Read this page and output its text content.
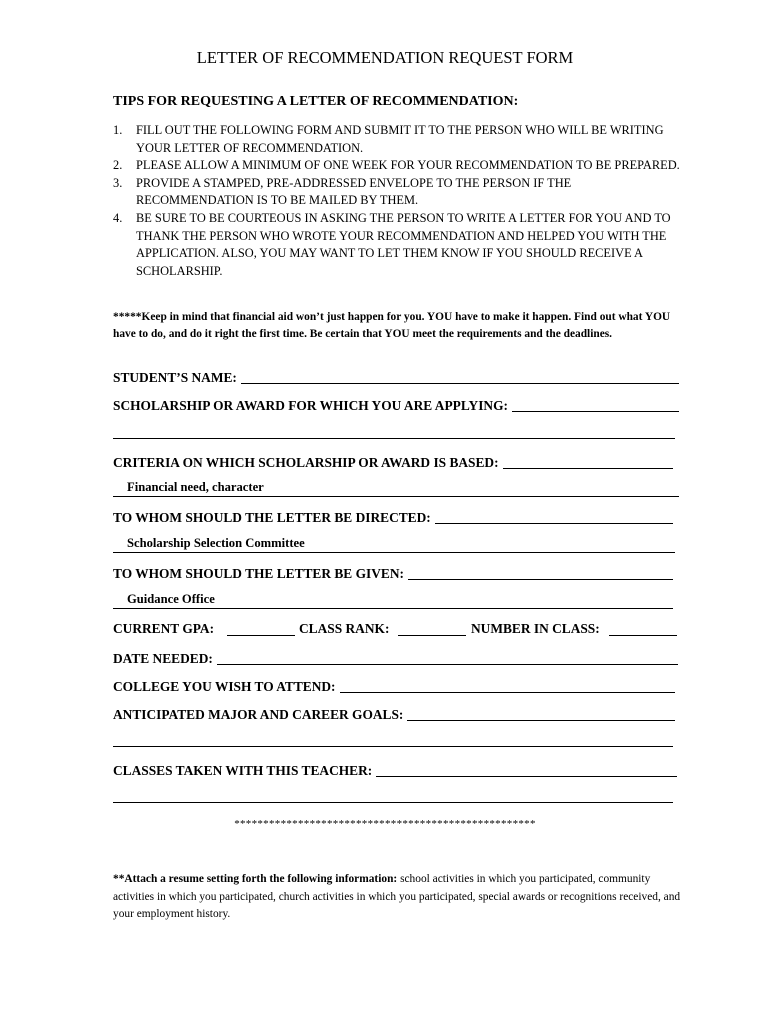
LETTER OF RECOMMENDATION REQUEST FORM
TIPS FOR REQUESTING A LETTER OF RECOMMENDATION:
1. FILL OUT THE FOLLOWING FORM AND SUBMIT IT TO THE PERSON WHO WILL BE WRITING YOUR LETTER OF RECOMMENDATION.
2. PLEASE ALLOW A MINIMUM OF ONE WEEK FOR YOUR RECOMMENDATION TO BE PREPARED.
3. PROVIDE A STAMPED, PRE-ADDRESSED ENVELOPE TO THE PERSON IF THE RECOMMENDATION IS TO BE MAILED BY THEM.
4. BE SURE TO BE COURTEOUS IN ASKING THE PERSON TO WRITE A LETTER FOR YOU AND TO THANK THE PERSON WHO WROTE YOUR RECOMMENDATION AND HELPED YOU WITH THE APPLICATION. ALSO, YOU MAY WANT TO LET THEM KNOW IF YOU SHOULD RECEIVE A SCHOLARSHIP.
*****Keep in mind that financial aid won’t just happen for you. YOU have to make it happen. Find out what YOU have to do, and do it right the first time. Be certain that YOU meet the requirements and the deadlines.
STUDENT’S NAME:
SCHOLARSHIP OR AWARD FOR WHICH YOU ARE APPLYING:
CRITERIA ON WHICH SCHOLARSHIP OR AWARD IS BASED:
Financial need, character
TO WHOM SHOULD THE LETTER BE DIRECTED:
Scholarship Selection Committee
TO WHOM SHOULD THE LETTER BE GIVEN:
Guidance Office
CURRENT GPA:	CLASS RANK:	NUMBER IN CLASS:
DATE NEEDED:
COLLEGE YOU WISH TO ATTEND:
ANTICIPATED MAJOR AND CAREER GOALS:
CLASSES TAKEN WITH THIS TEACHER:
****************************************************
**Attach a resume setting forth the following information: school activities in which you participated, community activities in which you participated, church activities in which you participated, special awards or recognitions received, and your employment history.
